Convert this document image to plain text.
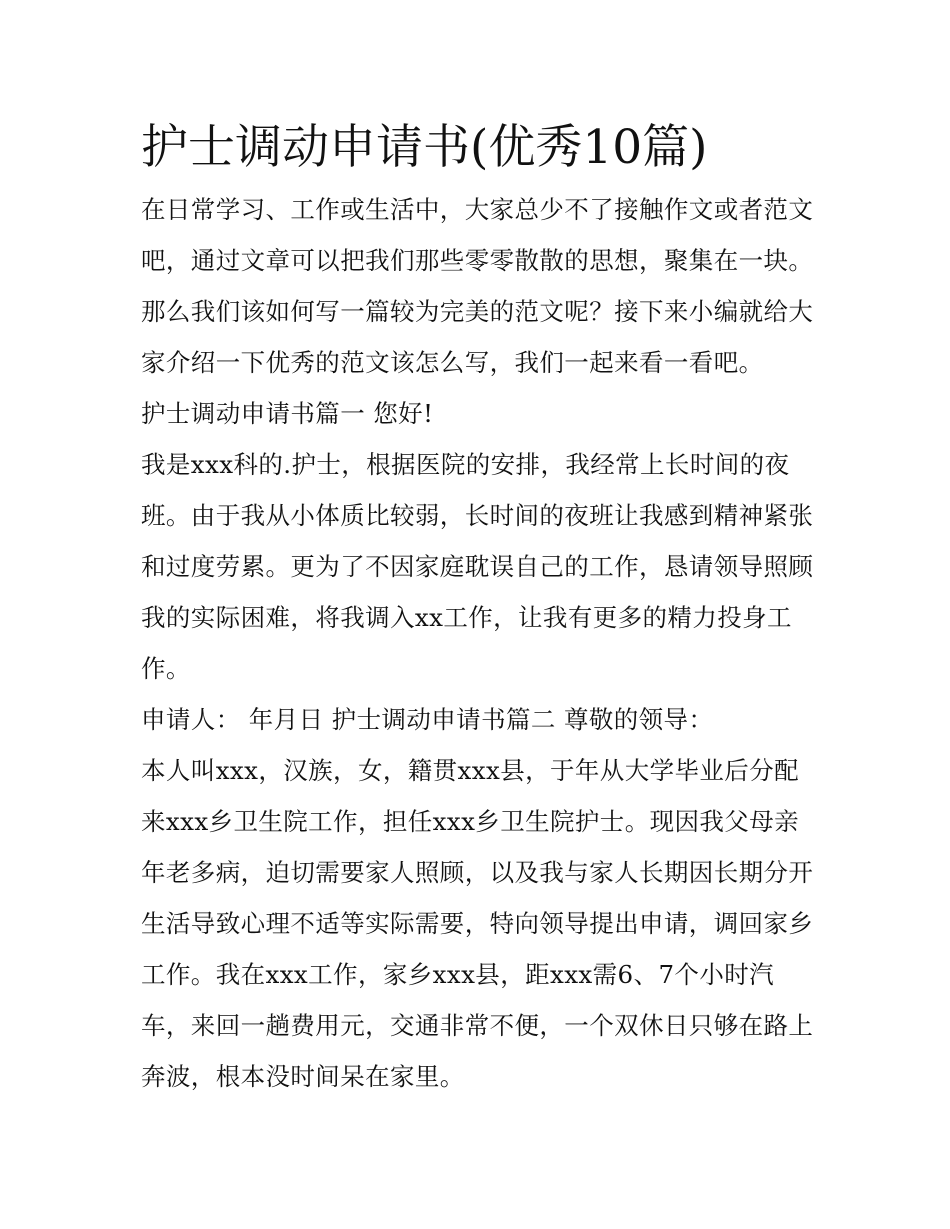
护士调动申请书(优秀10篇)
在日常学习、工作或生活中，大家总少不了接触作文或者范文
吧，通过文章可以把我们那些零零散散的思想，聚集在一块。
那么我们该如何写一篇较为完美的范文呢？接下来小编就给大
家介绍一下优秀的范文该怎么写，我们一起来看一看吧。
护士调动申请书篇一 您好!
我是xxx科的.护士，根据医院的安排，我经常上长时间的夜
班。由于我从小体质比较弱，长时间的夜班让我感到精神紧张
和过度劳累。更为了不因家庭耽误自己的工作，恳请领导照顾
我的实际困难，将我调入xx工作，让我有更多的精力投身工
作。
申请人： 年月日 护士调动申请书篇二 尊敬的领导：
本人叫xxx，汉族，女，籍贯xxx县，于年从大学毕业后分配
来xxx乡卫生院工作，担任xxx乡卫生院护士。现因我父母亲
年老多病，迫切需要家人照顾，以及我与家人长期因长期分开
生活导致心理不适等实际需要，特向领导提出申请，调回家乡
工作。我在xxx工作，家乡xxx县，距xxx需6、7个小时汽
车，来回一趟费用元，交通非常不便，一个双休日只够在路上
奔波，根本没时间呆在家里。
